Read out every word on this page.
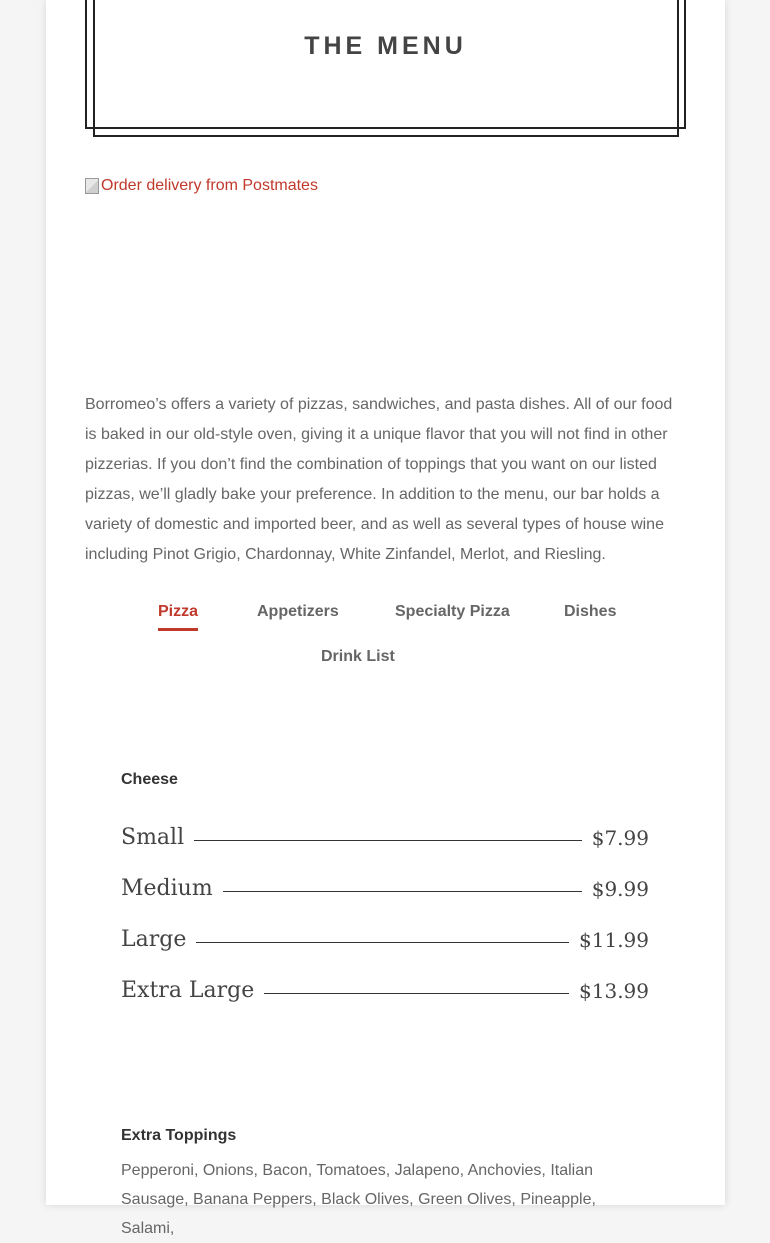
THE MENU
Order delivery from Postmates

Borromeo’s offers a variety of pizzas, sandwiches, and pasta dishes. All of our food is baked in our old-style oven, giving it a unique flavor that you will not find in other pizzerias. If you don’t find the combination of toppings that you want on our listed pizzas, we’ll gladly bake your preference. In addition to the menu, our bar holds a variety of domestic and imported beer, and as well as several types of house wine including Pinot Grigio, Chardonnay, White Zinfandel, Merlot, and Riesling.

Pizza	Appetizers	Specialty Pizza	Dishes
Drink List
Cheese
Small	$7.99
Medium	$9.99
Large	$11.99
Extra Large	$13.99
Extra Toppings

Pepperoni, Onions, Bacon, Tomatoes, Jalapeno, Anchovies, Italian Sausage, Banana Peppers, Black Olives, Green Olives, Pineapple, Salami,
